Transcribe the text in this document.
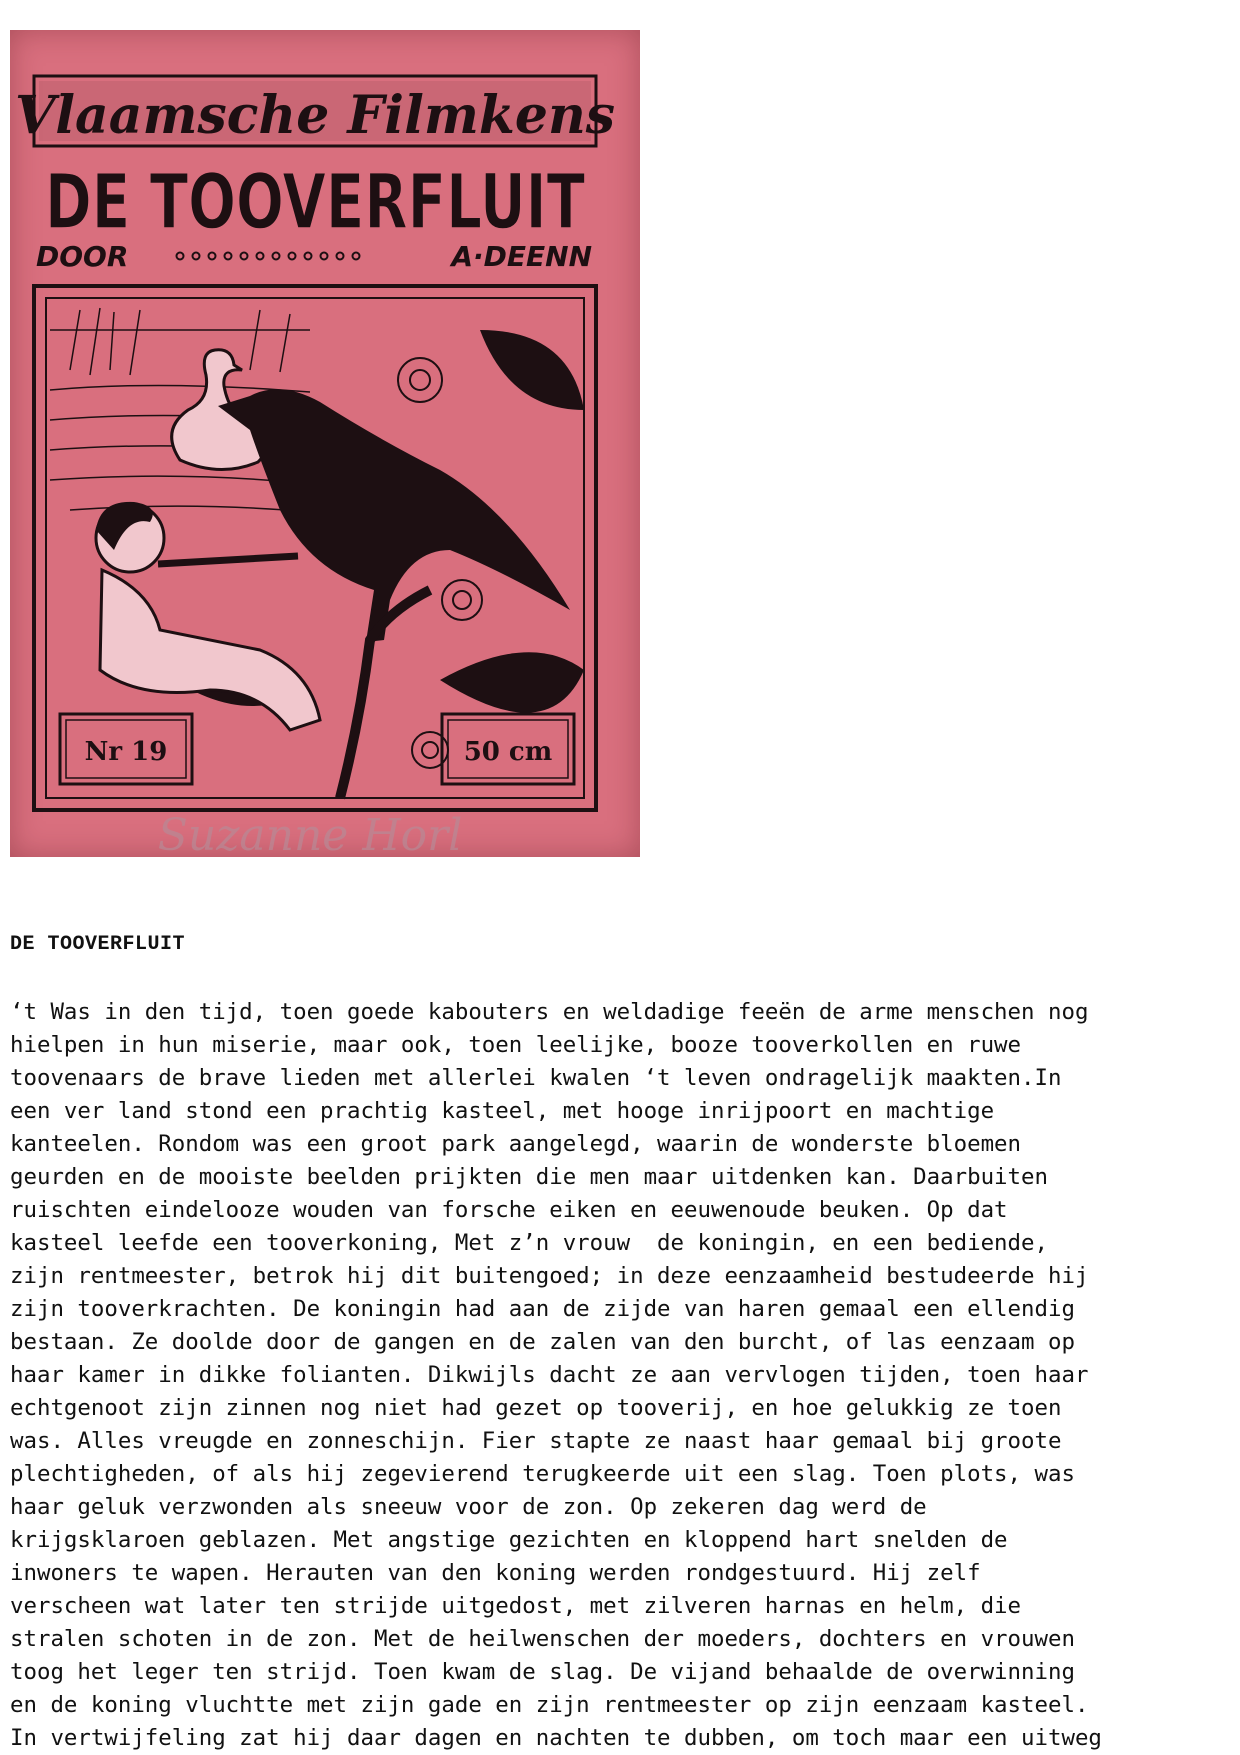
Vlaamsche Filmkens
DE TOOVERFLUIT
DOOR	A·DEENN
Nr 19	50 cm
Suzanne Horl
DE TOOVERFLUIT
‘t Was in den tijd, toen goede kabouters en weldadige feeën de arme menschen nog
hielpen in hun miserie, maar ook, toen leelijke, booze tooverkollen en ruwe
toovenaars de brave lieden met allerlei kwalen ‘t leven ondragelijk maakten.In
een ver land stond een prachtig kasteel, met hooge inrijpoort en machtige
kanteelen. Rondom was een groot park aangelegd, waarin de wonderste bloemen
geurden en de mooiste beelden prijkten die men maar uitdenken kan. Daarbuiten
ruischten eindelooze wouden van forsche eiken en eeuwenoude beuken. Op dat
kasteel leefde een tooverkoning, Met z’n vrouw  de koningin, en een bediende,
zijn rentmeester, betrok hij dit buitengoed; in deze eenzaamheid bestudeerde hij
zijn tooverkrachten. De koningin had aan de zijde van haren gemaal een ellendig
bestaan. Ze doolde door de gangen en de zalen van den burcht, of las eenzaam op
haar kamer in dikke folianten. Dikwijls dacht ze aan vervlogen tijden, toen haar
echtgenoot zijn zinnen nog niet had gezet op tooverij, en hoe gelukkig ze toen
was. Alles vreugde en zonneschijn. Fier stapte ze naast haar gemaal bij groote
plechtigheden, of als hij zegevierend terugkeerde uit een slag. Toen plots, was
haar geluk verzwonden als sneeuw voor de zon. Op zekeren dag werd de
krijgsklaroen geblazen. Met angstige gezichten en kloppend hart snelden de
inwoners te wapen. Herauten van den koning werden rondgestuurd. Hij zelf
verscheen wat later ten strijde uitgedost, met zilveren harnas en helm, die
stralen schoten in de zon. Met de heilwenschen der moeders, dochters en vrouwen
toog het leger ten strijd. Toen kwam de slag. De vijand behaalde de overwinning
en de koning vluchtte met zijn gade en zijn rentmeester op zijn eenzaam kasteel.
In vertwijfeling zat hij daar dagen en nachten te dubben, om toch maar een uitweg
